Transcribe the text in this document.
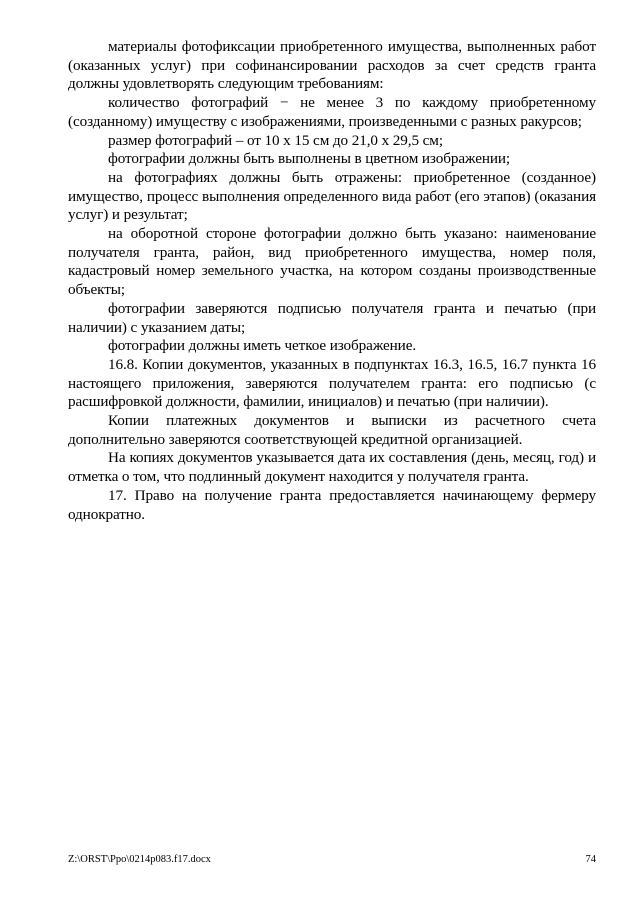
материалы фотофиксации приобретенного имущества, выполненных работ (оказанных услуг) при софинансировании расходов за счет средств гранта должны удовлетворять следующим требованиям:

количество фотографий − не менее 3 по каждому приобретенному (созданному) имуществу с изображениями, произведенными с разных ракурсов;

размер фотографий – от 10 х 15 см до 21,0 х 29,5 см;

фотографии должны быть выполнены в цветном изображении;

на фотографиях должны быть отражены: приобретенное (созданное) имущество, процесс выполнения определенного вида работ (его этапов) (оказания услуг) и результат;

на оборотной стороне фотографии должно быть указано: наименование получателя гранта, район, вид приобретенного имущества, номер поля, кадастровый номер земельного участка, на котором созданы производственные объекты;

фотографии заверяются подписью получателя гранта и печатью (при наличии) с указанием даты;

фотографии должны иметь четкое изображение.

16.8. Копии документов, указанных в подпунктах 16.3, 16.5, 16.7 пункта 16 настоящего приложения, заверяются получателем гранта: его подписью (с расшифровкой должности, фамилии, инициалов) и печатью (при наличии).

Копии платежных документов и выписки из расчетного счета дополнительно заверяются соответствующей кредитной организацией.

На копиях документов указывается дата их составления (день, месяц, год) и отметка о том, что подлинный документ находится у получателя гранта.

17. Право на получение гранта предоставляется начинающему фермеру однократно.

Z:\ORST\Ppo\0214p083.f17.docx	74
